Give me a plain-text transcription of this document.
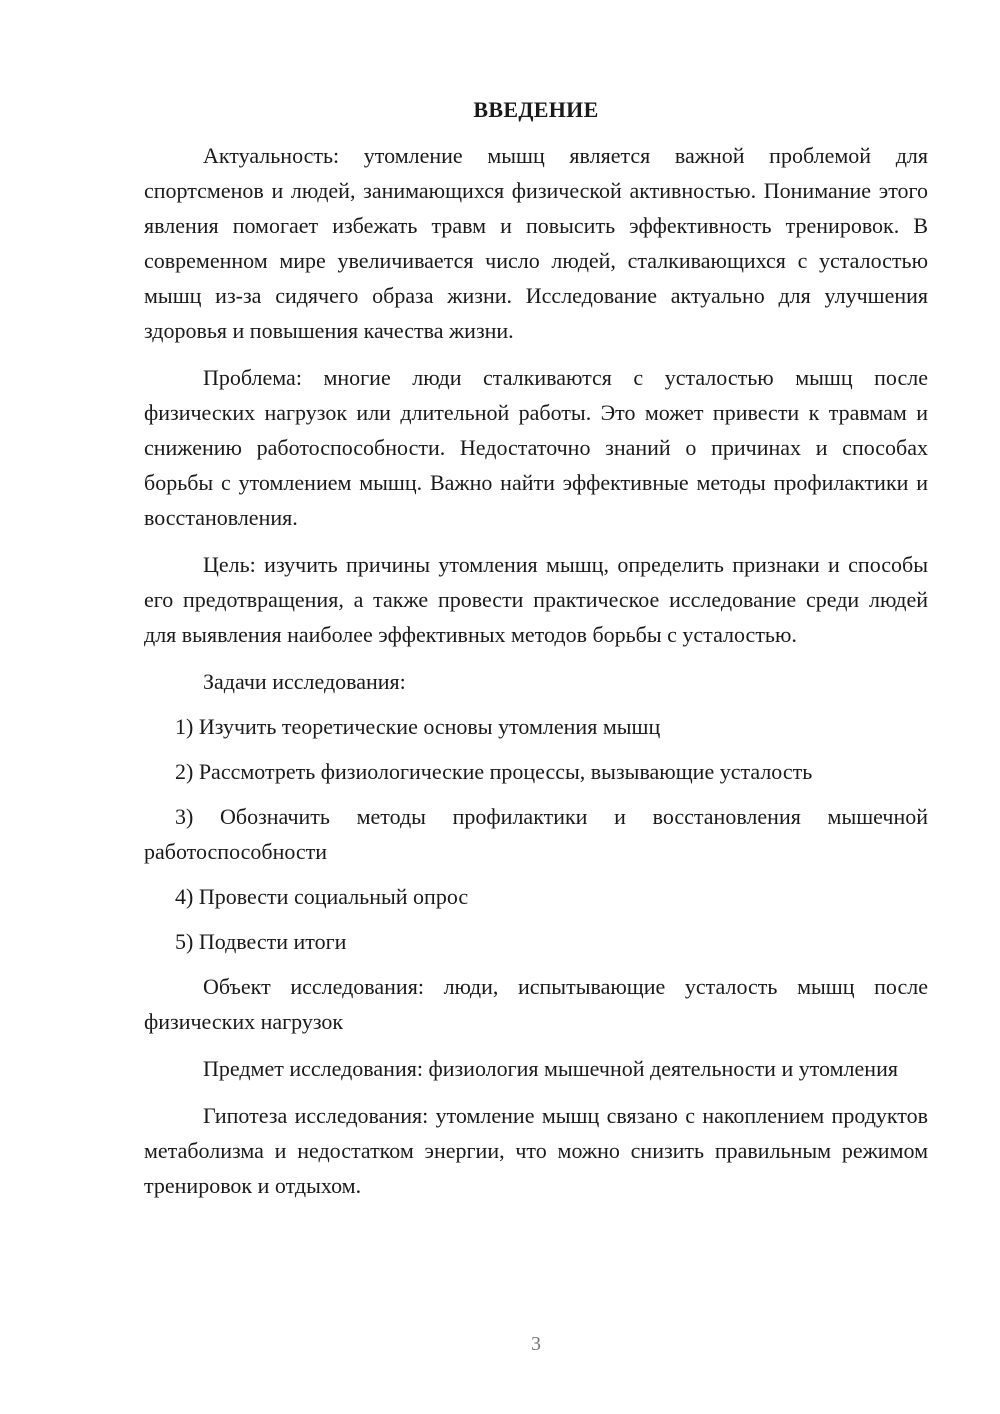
ВВЕДЕНИЕ

Актуальность: утомление мышц является важной проблемой для спортсменов и людей, занимающихся физической активностью. Понимание этого явления помогает избежать травм и повысить эффективность тренировок. В современном мире увеличивается число людей, сталкивающихся с усталостью мышц из-за сидячего образа жизни. Исследование актуально для улучшения здоровья и повышения качества жизни.

Проблема: многие люди сталкиваются с усталостью мышц после физических нагрузок или длительной работы. Это может привести к травмам и снижению работоспособности. Недостаточно знаний о причинах и способах борьбы с утомлением мышц. Важно найти эффективные методы профилактики и восстановления.

Цель: изучить причины утомления мышц, определить признаки и способы его предотвращения, а также провести практическое исследование среди людей для выявления наиболее эффективных методов борьбы с усталостью.

Задачи исследования:

1) Изучить теоретические основы утомления мышц

2) Рассмотреть физиологические процессы, вызывающие усталость

3) Обозначить методы профилактики и восстановления мышечной работоспособности

4) Провести социальный опрос

5) Подвести итоги

Объект исследования: люди, испытывающие усталость мышц после физических нагрузок

Предмет исследования: физиология мышечной деятельности и утомления

Гипотеза исследования: утомление мышц связано с накоплением продуктов метаболизма и недостатком энергии, что можно снизить правильным режимом тренировок и отдыхом.

3
